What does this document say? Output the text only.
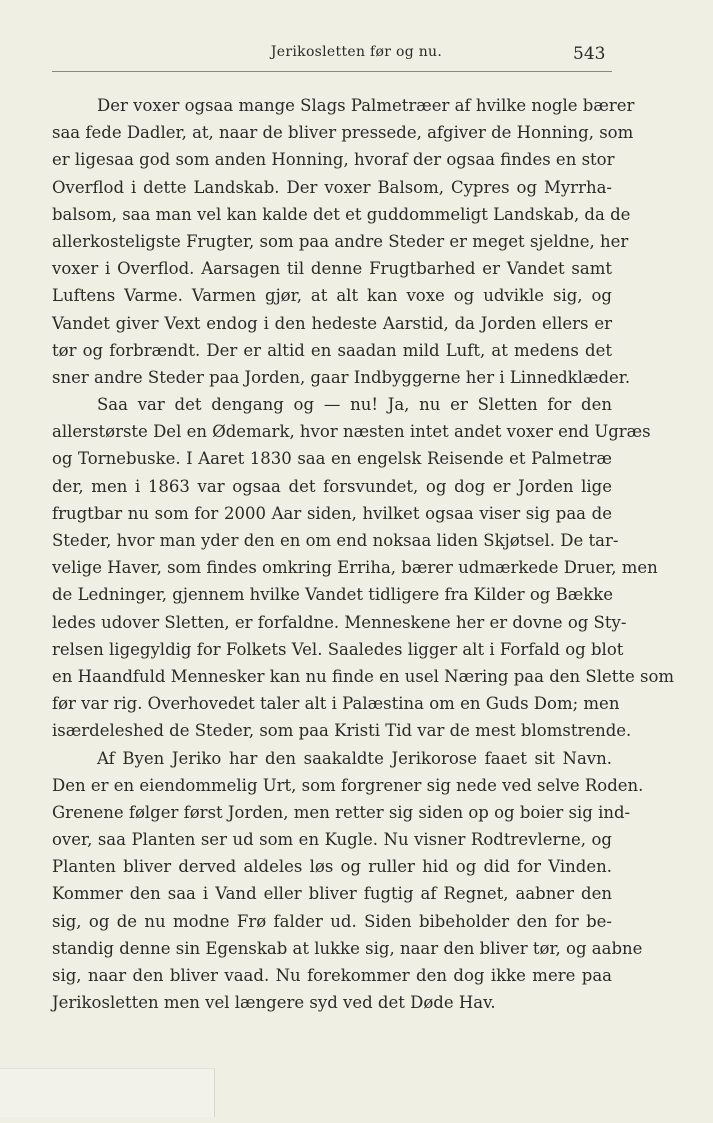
Jerikosletten før og nu.	543
Der voxer ogsaa mange Slags Palmetræer af hvilke nogle bærer
saa fede Dadler, at, naar de bliver pressede, afgiver de Honning, som
er ligesaa god som anden Honning, hvoraf der ogsaa findes en stor
Overflod i dette Landskab. Der voxer Balsom, Cypres og Myrrha-
balsom, saa man vel kan kalde det et guddommeligt Landskab, da de
allerkosteligste Frugter, som paa andre Steder er meget sjeldne, her
voxer i Overflod. Aarsagen til denne Frugtbarhed er Vandet samt
Luftens Varme. Varmen gjør, at alt kan voxe og udvikle sig, og
Vandet giver Vext endog i den hedeste Aarstid, da Jorden ellers er
tør og forbrændt. Der er altid en saadan mild Luft, at medens det
sner andre Steder paa Jorden, gaar Indbyggerne her i Linnedklæder.
Saa var det dengang og — nu! Ja, nu er Sletten for den
allerstørste Del en Ødemark, hvor næsten intet andet voxer end Ugræs
og Tornebuske. I Aaret 1830 saa en engelsk Reisende et Palmetræ
der, men i 1863 var ogsaa det forsvundet, og dog er Jorden lige
frugtbar nu som for 2000 Aar siden, hvilket ogsaa viser sig paa de
Steder, hvor man yder den en om end noksaa liden Skjøtsel. De tar-
velige Haver, som findes omkring Erriha, bærer udmærkede Druer, men
de Ledninger, gjennem hvilke Vandet tidligere fra Kilder og Bække
ledes udover Sletten, er forfaldne. Menneskene her er dovne og Sty-
relsen ligegyldig for Folkets Vel. Saaledes ligger alt i Forfald og blot
en Haandfuld Mennesker kan nu finde en usel Næring paa den Slette som
før var rig. Overhovedet taler alt i Palæstina om en Guds Dom; men
isærdeleshed de Steder, som paa Kristi Tid var de mest blomstrende.
Af Byen Jeriko har den saakaldte Jerikorose faaet sit Navn.
Den er en eiendommelig Urt, som forgrener sig nede ved selve Roden.
Grenene følger først Jorden, men retter sig siden op og boier sig ind-
over, saa Planten ser ud som en Kugle. Nu visner Rodtrevlerne, og
Planten bliver derved aldeles løs og ruller hid og did for Vinden.
Kommer den saa i Vand eller bliver fugtig af Regnet, aabner den
sig, og de nu modne Frø falder ud. Siden bibeholder den for be-
standig denne sin Egenskab at lukke sig, naar den bliver tør, og aabne
sig, naar den bliver vaad. Nu forekommer den dog ikke mere paa
Jerikosletten men vel længere syd ved det Døde Hav.
